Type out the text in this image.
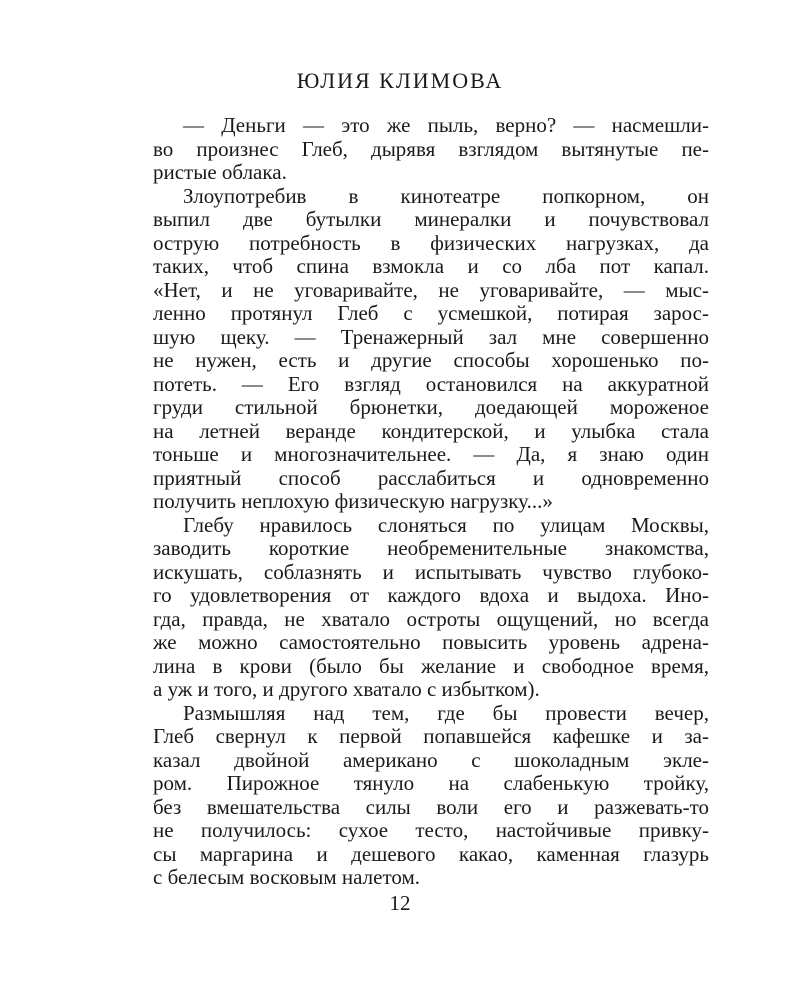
ЮЛИЯ КЛИМОВА
— Деньги — это же пыль, верно? — насмешли-
во произнес Глеб, дырявя взглядом вытянутые пе-
ристые облака.
Злоупотребив в кинотеатре попкорном, он
выпил две бутылки минералки и почувствовал
острую потребность в физических нагрузках, да
таких, чтоб спина взмокла и со лба пот капал.
«Нет, и не уговаривайте, не уговаривайте, — мыс-
ленно протянул Глеб с усмешкой, потирая зарос-
шую щеку. — Тренажерный зал мне совершенно
не нужен, есть и другие способы хорошенько по-
потеть. — Его взгляд остановился на аккуратной
груди стильной брюнетки, доедающей мороженое
на летней веранде кондитерской, и улыбка стала
тоньше и многозначительнее. — Да, я знаю один
приятный способ расслабиться и одновременно
получить неплохую физическую нагрузку...»
Глебу нравилось слоняться по улицам Москвы,
заводить короткие необременительные знакомства,
искушать, соблазнять и испытывать чувство глубоко-
го удовлетворения от каждого вдоха и выдоха. Ино-
гда, правда, не хватало остроты ощущений, но всегда
же можно самостоятельно повысить уровень адрена-
лина в крови (было бы желание и свободное время,
а уж и того, и другого хватало с избытком).
Размышляя над тем, где бы провести вечер,
Глеб свернул к первой попавшейся кафешке и за-
казал двойной американо с шоколадным экле-
ром. Пирожное тянуло на слабенькую тройку,
без вмешательства силы воли его и разжевать-то
не получилось: сухое тесто, настойчивые привку-
сы маргарина и дешевого какао, каменная глазурь
с белесым восковым налетом.
12
